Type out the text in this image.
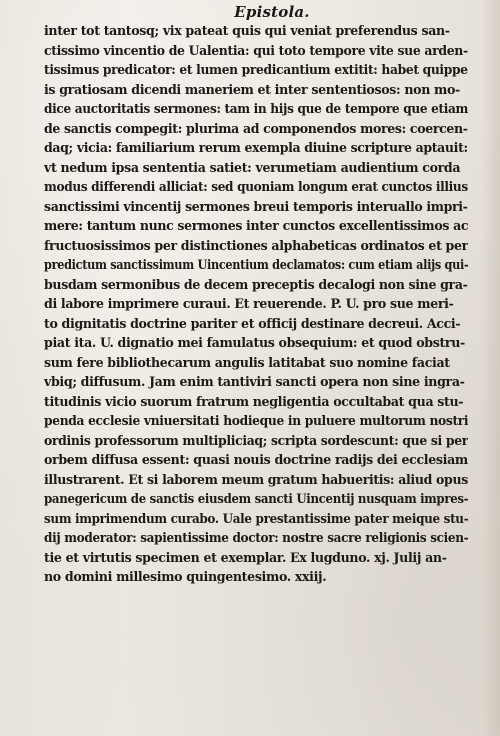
Epistola.
inter tot tantosq; vix pateat quis qui veniat preferendus san-
ctissimo vincentio de Ualentia: qui toto tempore vite sue arden-
tissimus predicator: et lumen predicantium extitit: habet quippe
is gratiosam dicendi maneriem et inter sententiosos: non mo-
dice auctoritatis sermones: tam in hijs que de tempore que etiam
de sanctis compegit: plurima ad componendos mores: coercen-
daq; vicia: familiarium rerum exempla diuine scripture aptauit:
vt nedum ipsa sententia satiet: verumetiam audientium corda
modus differendi alliciat: sed quoniam longum erat cunctos illius
sanctissimi vincentij sermones breui temporis interuallo impri-
mere: tantum nunc sermones inter cunctos excellentissimos ac
fructuosissimos per distinctiones alphabeticas ordinatos et per
predictum sanctissimum Uincentium declamatos: cum etiam alijs qui-
busdam sermonibus de decem preceptis decalogi non sine gra-
di labore imprimere curaui. Et reuerende. P. U. pro sue meri-
to dignitatis doctrine pariter et officij destinare decreui. Acci-
piat ita. U. dignatio mei famulatus obsequium: et quod obstru-
sum fere bibliothecarum angulis latitabat suo nomine faciat
vbiq; diffusum. Jam enim tantiviri sancti opera non sine ingra-
titudinis vicio suorum fratrum negligentia occultabat qua stu-
penda ecclesie vniuersitati hodieque in puluere multorum nostri
ordinis professorum multipliciaq; scripta sordescunt: que si per
orbem diffusa essent: quasi nouis doctrine radijs dei ecclesiam
illustrarent. Et si laborem meum gratum habueritis: aliud opus
panegericum de sanctis eiusdem sancti Uincentij nusquam impres-
sum imprimendum curabo. Uale prestantissime pater meique stu-
dij moderator: sapientissime doctor: nostre sacre religionis scien-
tie et virtutis specimen et exemplar. Ex lugduno. xj. Julij an-
no domini millesimo quingentesimo. xxiij.
